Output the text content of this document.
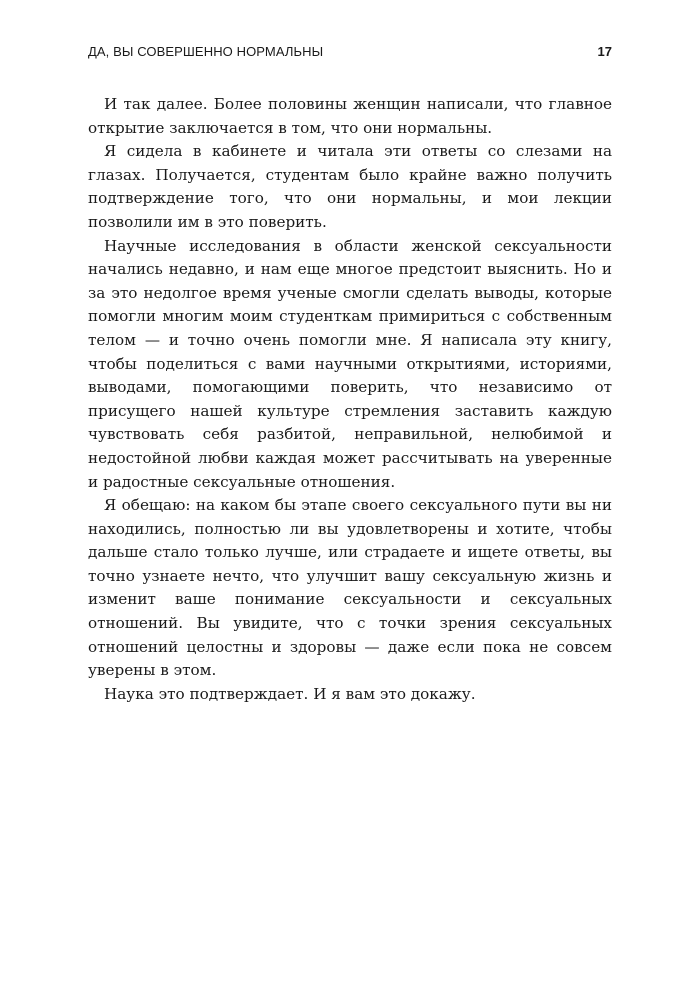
ДА, ВЫ СОВЕРШЕННО НОРМАЛЬНЫ	17

И так далее. Более половины женщин написали, что главное открытие заключается в том, что они нормальны.

Я сидела в кабинете и читала эти ответы со слезами на глазах. Получается, студентам было крайне важно получить подтверждение того, что они нормальны, и мои лекции позволили им в это поверить.

Научные исследования в области женской сексуальности начались недавно, и нам еще многое предстоит выяснить. Но и за это недолгое время ученые смогли сделать выводы, которые помогли многим моим студенткам примириться с собственным телом — и точно очень помогли мне. Я написала эту книгу, чтобы поделиться с вами научными открытиями, историями, выводами, помогающими поверить, что независимо от присущего нашей культуре стремления заставить каждую чувствовать себя разбитой, неправильной, нелюбимой и недостойной любви каждая может рассчитывать на уверенные и радостные сексуальные отношения.

Я обещаю: на каком бы этапе своего сексуального пути вы ни находились, полностью ли вы удовлетворены и хотите, чтобы дальше стало только лучше, или страдаете и ищете ответы, вы точно узнаете нечто, что улучшит вашу сексуальную жизнь и изменит ваше понимание сексуальности и сексуальных отношений. Вы увидите, что с точки зрения сексуальных отношений целостны и здоровы — даже если пока не совсем уверены в этом.

Наука это подтверждает. И я вам это докажу.
